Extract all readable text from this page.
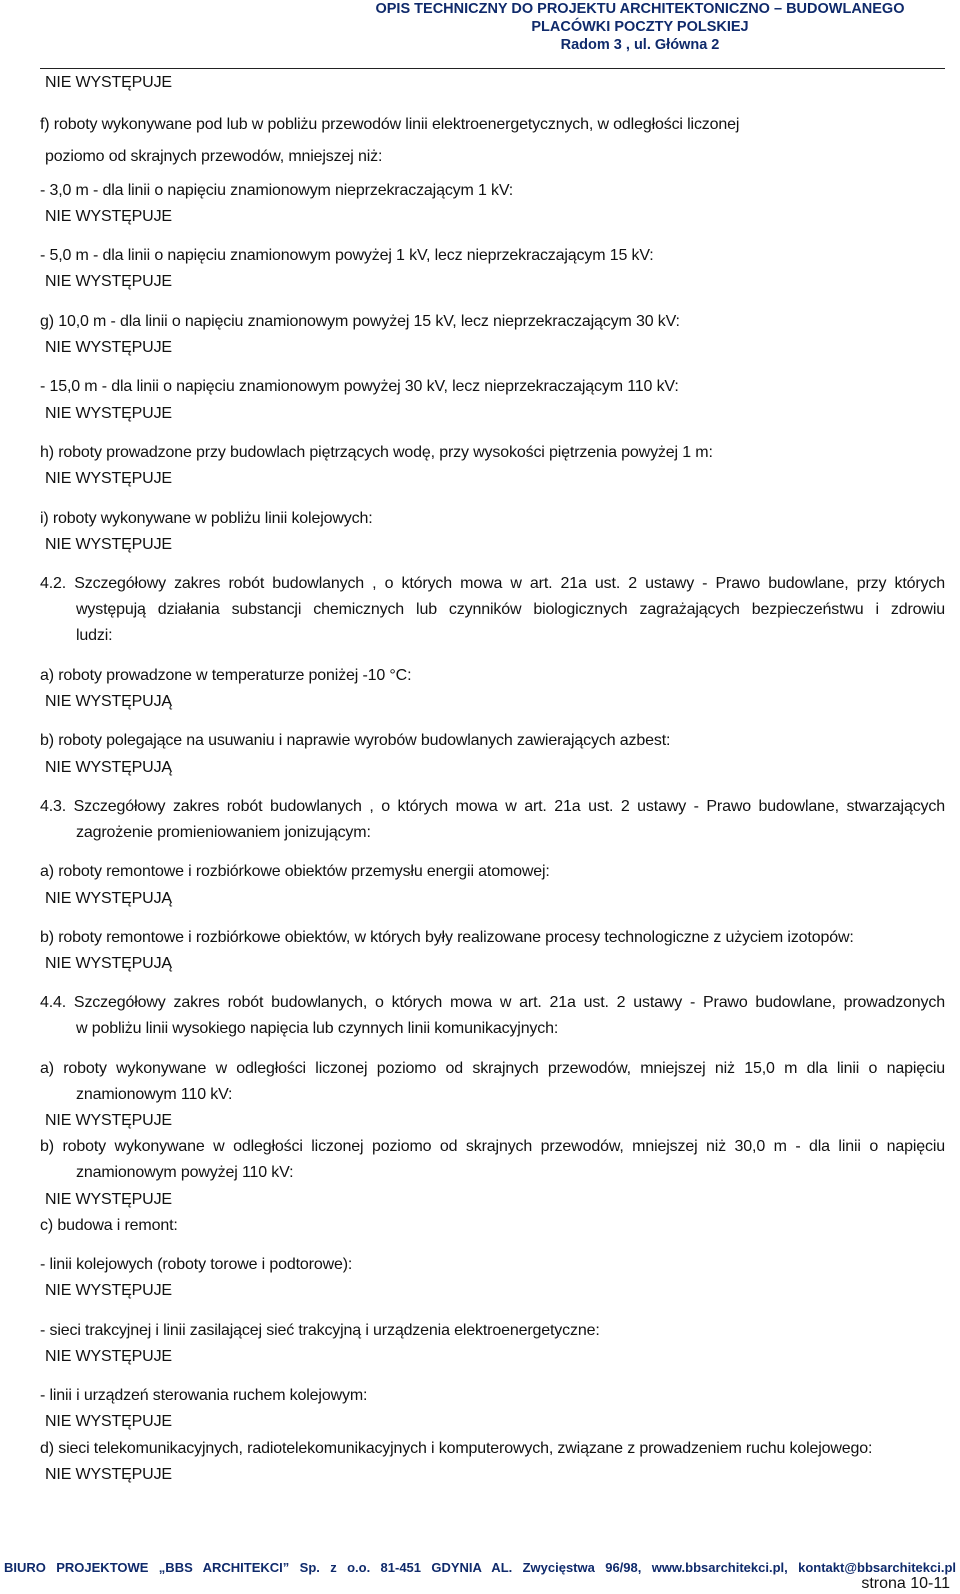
OPIS TECHNICZNY DO PROJEKTU ARCHITEKTONICZNO – BUDOWLANEGO
PLACÓWKI POCZTY POLSKIEJ
Radom 3 , ul. Główna 2
NIE WYSTĘPUJE
f) roboty wykonywane pod lub w pobliżu przewodów linii elektroenergetycznych, w odległości liczonej
poziomo od skrajnych przewodów, mniejszej niż:
- 3,0 m - dla linii o napięciu znamionowym nieprzekraczającym 1 kV:
NIE WYSTĘPUJE
- 5,0 m - dla linii o napięciu znamionowym powyżej 1 kV, lecz nieprzekraczającym 15 kV:
NIE WYSTĘPUJE
g) 10,0 m - dla linii o napięciu znamionowym powyżej 15 kV, lecz nieprzekraczającym 30 kV:
NIE WYSTĘPUJE
- 15,0 m - dla linii o napięciu znamionowym powyżej 30 kV, lecz nieprzekraczającym 110 kV:
NIE WYSTĘPUJE
h) roboty prowadzone przy budowlach piętrzących wodę, przy wysokości piętrzenia powyżej 1 m:
NIE WYSTĘPUJE
i) roboty wykonywane w pobliżu linii kolejowych:
NIE WYSTĘPUJE
4.2. Szczegółowy zakres robót budowlanych , o których mowa w art. 21a ust. 2 ustawy - Prawo budowlane, przy których
występują działania substancji chemicznych lub czynników biologicznych zagrażających bezpieczeństwu i zdrowiu
ludzi:
a) roboty prowadzone w temperaturze poniżej -10 °C:
NIE WYSTĘPUJĄ
b) roboty polegające na usuwaniu i naprawie wyrobów budowlanych zawierających azbest:
NIE WYSTĘPUJĄ
4.3. Szczegółowy zakres robót budowlanych , o których mowa w art. 21a ust. 2 ustawy - Prawo budowlane, stwarzających
zagrożenie promieniowaniem jonizującym:
a) roboty remontowe i rozbiórkowe obiektów przemysłu energii atomowej:
NIE WYSTĘPUJĄ
b) roboty remontowe i rozbiórkowe obiektów, w których były realizowane procesy technologiczne z użyciem izotopów:
NIE WYSTĘPUJĄ
4.4. Szczegółowy zakres robót budowlanych, o których mowa w art. 21a ust. 2 ustawy - Prawo budowlane, prowadzonych
w pobliżu linii wysokiego napięcia lub czynnych linii komunikacyjnych:
a) roboty wykonywane w odległości liczonej poziomo od skrajnych przewodów, mniejszej niż 15,0 m dla linii o napięciu
znamionowym 110 kV:
NIE WYSTĘPUJE
b) roboty wykonywane w odległości liczonej poziomo od skrajnych przewodów, mniejszej niż 30,0 m - dla linii o napięciu
znamionowym powyżej 110 kV:
NIE WYSTĘPUJE
c) budowa i remont:
- linii kolejowych (roboty torowe i podtorowe):
NIE WYSTĘPUJE
- sieci trakcyjnej i linii zasilającej sieć trakcyjną i urządzenia elektroenergetyczne:
NIE WYSTĘPUJE
- linii i urządzeń sterowania ruchem kolejowym:
NIE WYSTĘPUJE
d) sieci telekomunikacyjnych, radiotelekomunikacyjnych i komputerowych, związane z prowadzeniem ruchu kolejowego:
NIE WYSTĘPUJE
BIURO PROJEKTOWE „BBS ARCHITEKCI” Sp. z o.o. 81-451 GDYNIA AL. Zwycięstwa 96/98, www.bbsarchitekci.pl, kontakt@bbsarchitekci.pl
strona 10-11
